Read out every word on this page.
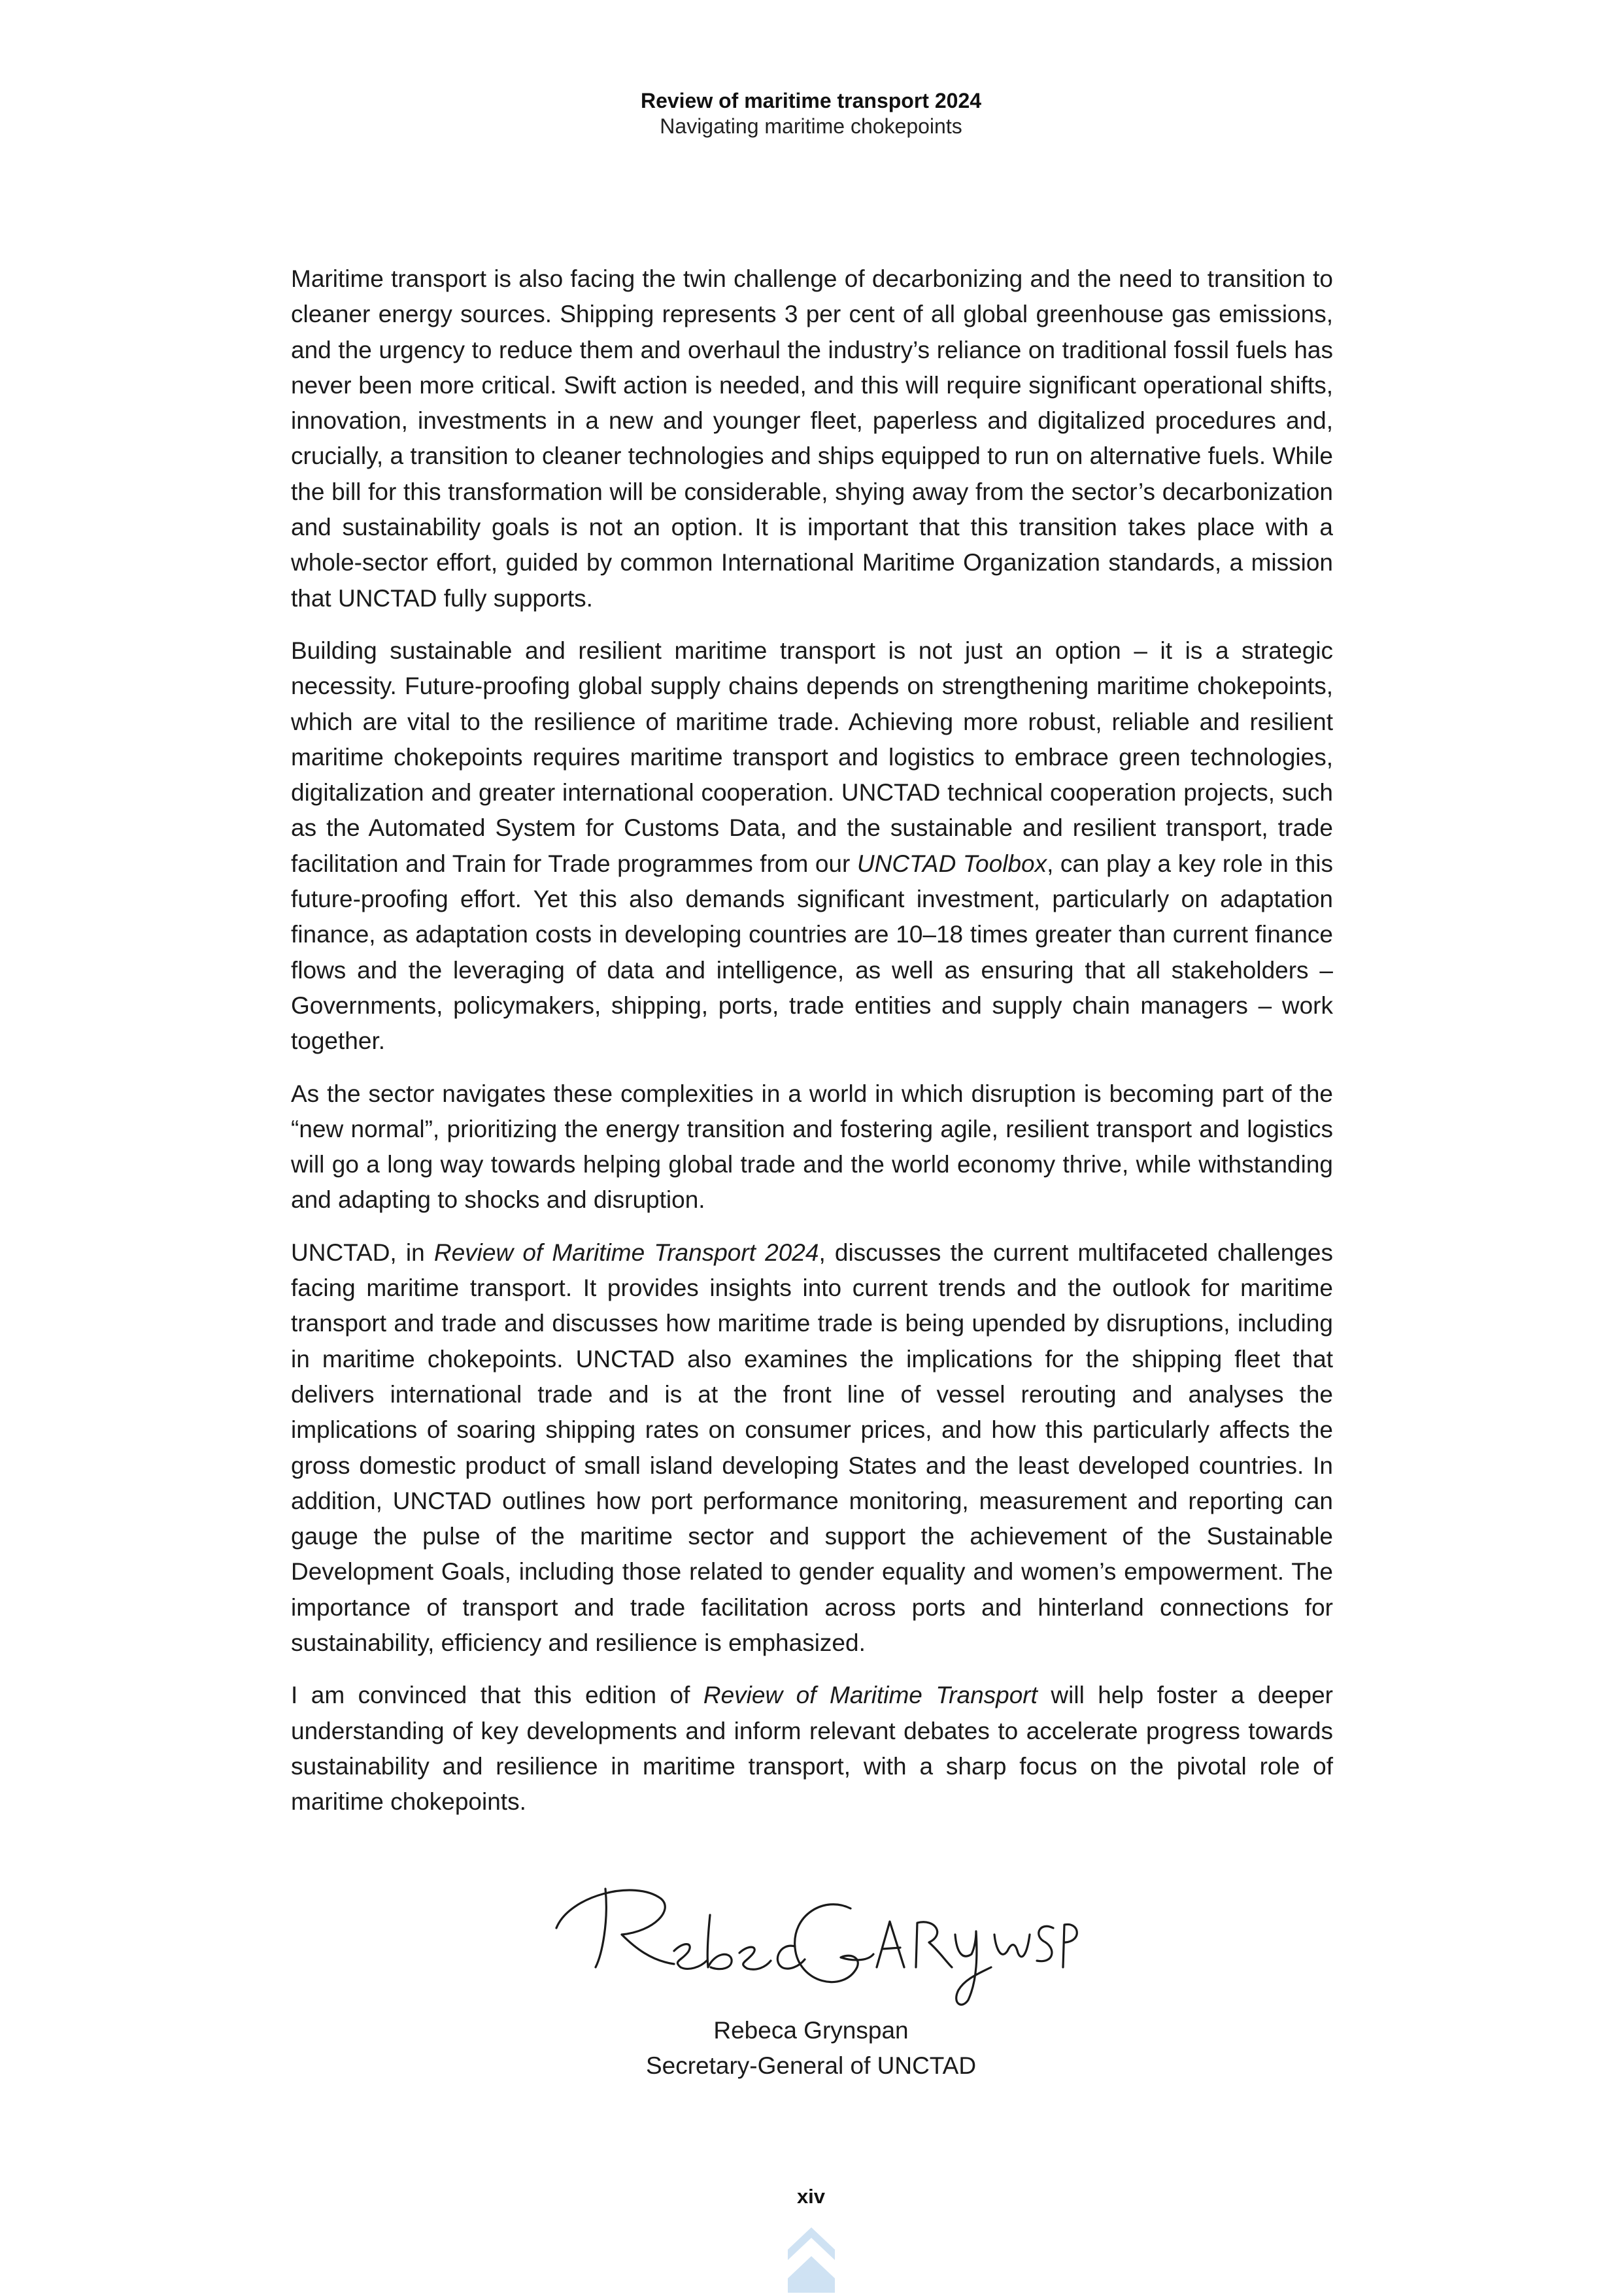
Review of maritime transport 2024
Navigating maritime chokepoints

Maritime transport is also facing the twin challenge of decarbonizing and the need to transition to cleaner energy sources. Shipping represents 3 per cent of all global greenhouse gas emissions, and the urgency to reduce them and overhaul the industry’s reliance on traditional fossil fuels has never been more critical. Swift action is needed, and this will require significant operational shifts, innovation, investments in a new and younger fleet, paperless and digitalized procedures and, crucially, a transition to cleaner technologies and ships equipped to run on alternative fuels. While the bill for this transformation will be considerable, shying away from the sector’s decarbonization and sustainability goals is not an option. It is important that this transition takes place with a whole-sector effort, guided by common International Maritime Organization standards, a mission that UNCTAD fully supports.

Building sustainable and resilient maritime transport is not just an option – it is a strategic necessity. Future-proofing global supply chains depends on strengthening maritime chokepoints, which are vital to the resilience of maritime trade. Achieving more robust, reliable and resilient maritime chokepoints requires maritime transport and logistics to embrace green technologies, digitalization and greater international cooperation. UNCTAD technical cooperation projects, such as the Automated System for Customs Data, and the sustainable and resilient transport, trade facilitation and Train for Trade programmes from our UNCTAD Toolbox, can play a key role in this future-proofing effort. Yet this also demands significant investment, particularly on adaptation finance, as adaptation costs in developing countries are 10–18 times greater than current finance flows and the leveraging of data and intelligence, as well as ensuring that all stakeholders – Governments, policymakers, shipping, ports, trade entities and supply chain managers – work together.

As the sector navigates these complexities in a world in which disruption is becoming part of the “new normal”, prioritizing the energy transition and fostering agile, resilient transport and logistics will go a long way towards helping global trade and the world economy thrive, while withstanding and adapting to shocks and disruption.

UNCTAD, in Review of Maritime Transport 2024, discusses the current multifaceted challenges facing maritime transport. It provides insights into current trends and the outlook for maritime transport and trade and discusses how maritime trade is being upended by disruptions, including in maritime chokepoints. UNCTAD also examines the implications for the shipping fleet that delivers international trade and is at the front line of vessel rerouting and analyses the implications of soaring shipping rates on consumer prices, and how this particularly affects the gross domestic product of small island developing States and the least developed countries. In addition, UNCTAD outlines how port performance monitoring, measurement and reporting can gauge the pulse of the maritime sector and support the achievement of the Sustainable Development Goals, including those related to gender equality and women’s empowerment. The importance of transport and trade facilitation across ports and hinterland connections for sustainability, efficiency and resilience is emphasized.

I am convinced that this edition of Review of Maritime Transport will help foster a deeper understanding of key developments and inform relevant debates to accelerate progress towards sustainability and resilience in maritime transport, with a sharp focus on the pivotal role of maritime chokepoints.

Rebeca Grynspan
Secretary-General of UNCTAD
xiv
